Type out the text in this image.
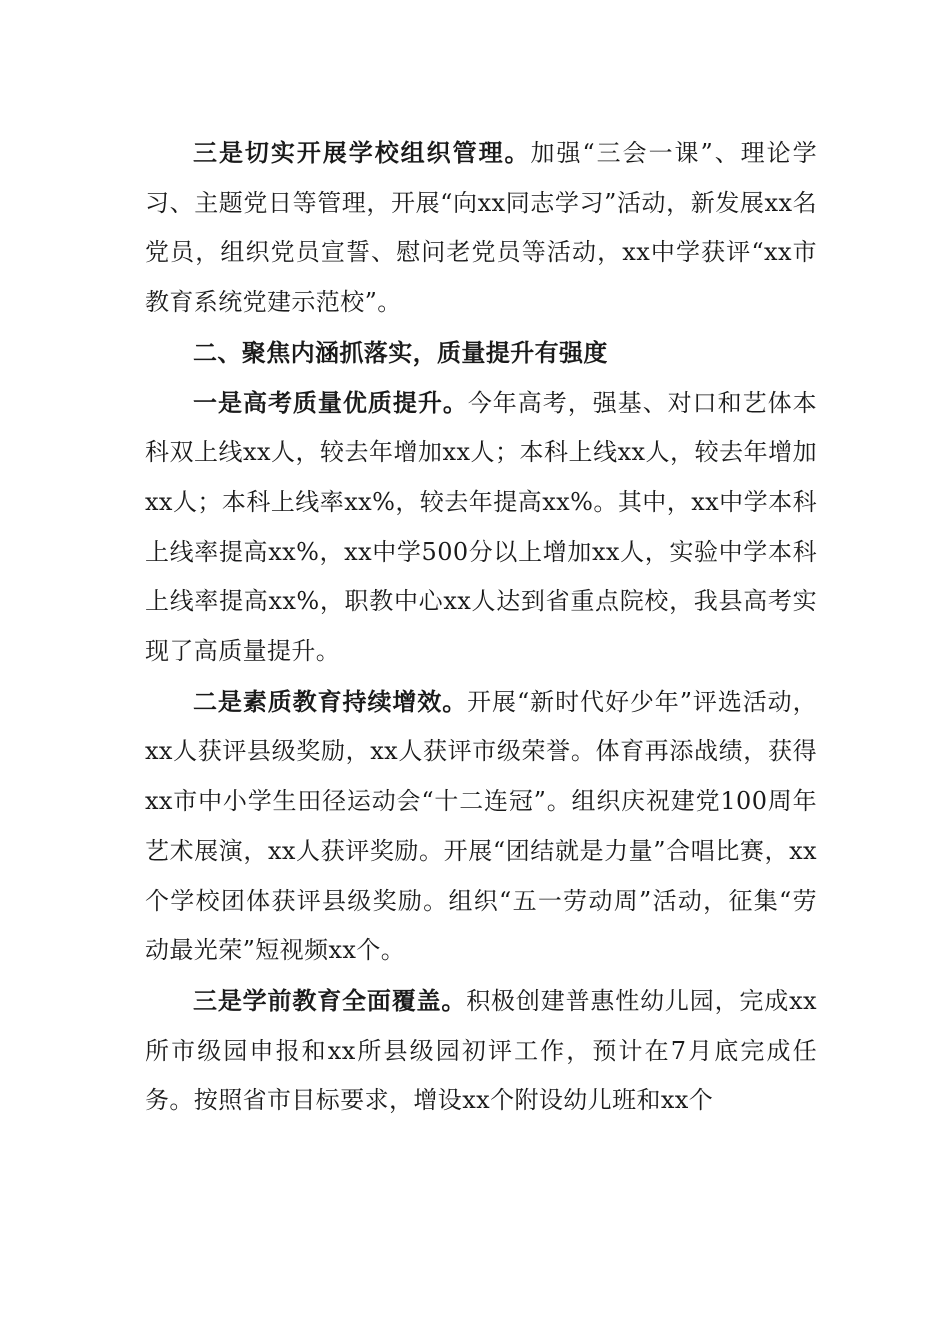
三是切实开展学校组织管理。加强“三会一课”、理论学习、主题党日等管理，开展“向xx同志学习”活动，新发展xx名党员，组织党员宣誓、慰问老党员等活动，xx中学获评“xx市教育系统党建示范校”。

二、聚焦内涵抓落实，质量提升有强度

一是高考质量优质提升。今年高考，强基、对口和艺体本科双上线xx人，较去年增加xx人；本科上线xx人，较去年增加xx人；本科上线率xx%，较去年提高xx%。其中，xx中学本科上线率提高xx%，xx中学500分以上增加xx人，实验中学本科上线率提高xx%，职教中心xx人达到省重点院校，我县高考实现了高质量提升。

二是素质教育持续增效。开展“新时代好少年”评选活动，xx人获评县级奖励，xx人获评市级荣誉。体育再添战绩，获得xx市中小学生田径运动会“十二连冠”。组织庆祝建党100周年艺术展演，xx人获评奖励。开展“团结就是力量”合唱比赛，xx个学校团体获评县级奖励。组织“五一劳动周”活动，征集“劳动最光荣”短视频xx个。

三是学前教育全面覆盖。积极创建普惠性幼儿园，完成xx所市级园申报和xx所县级园初评工作，预计在7月底完成任务。按照省市目标要求，增设xx个附设幼儿班和xx个
